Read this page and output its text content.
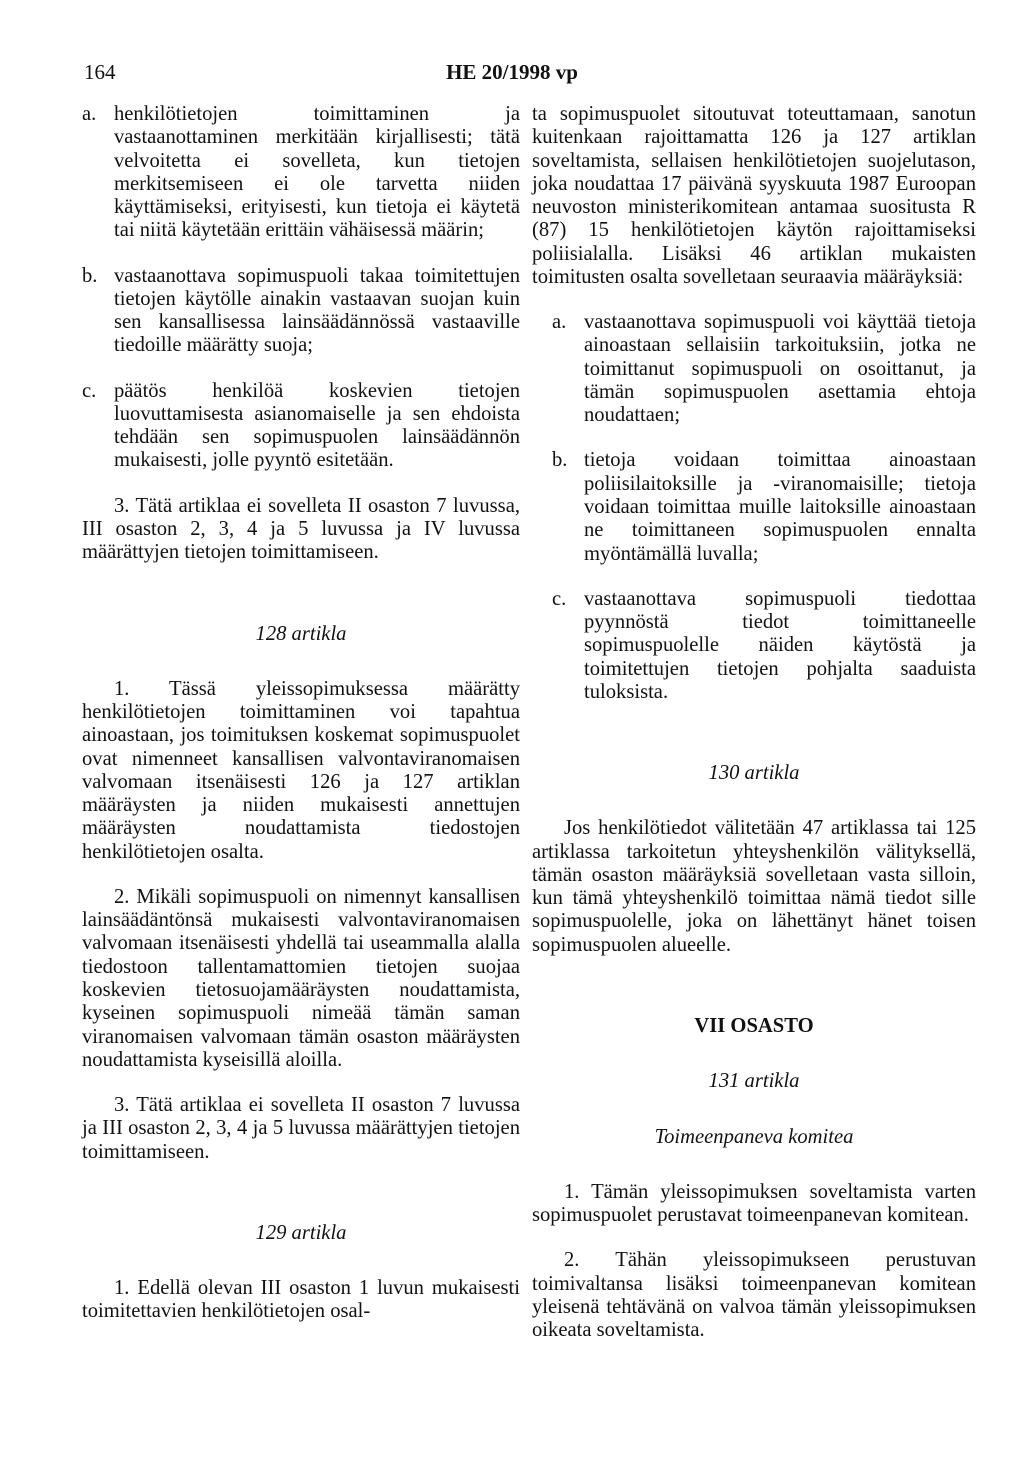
164	HE 20/1998 vp
a. henkilötietojen toimittaminen ja vastaanottaminen merkitään kirjallisesti; tätä velvoitetta ei sovelleta, kun tietojen merkitsemiseen ei ole tarvetta niiden käyttämiseksi, erityisesti, kun tietoja ei käytetä tai niitä käytetään erittäin vähäisessä määrin;
b. vastaanottava sopimuspuoli takaa toimitettujen tietojen käytölle ainakin vastaavan suojan kuin sen kansallisessa lainsäädännössä vastaaville tiedoille määrätty suoja;
c. päätös henkilöä koskevien tietojen luovuttamisesta asianomaiselle ja sen ehdoista tehdään sen sopimuspuolen lainsäädännön mukaisesti, jolle pyyntö esitetään.

3. Tätä artiklaa ei sovelleta II osaston 7 luvussa, III osaston 2, 3, 4 ja 5 luvussa ja IV luvussa määrättyjen tietojen toimittamiseen.

128 artikla

1. Tässä yleissopimuksessa määrätty henkilötietojen toimittaminen voi tapahtua ainoastaan, jos toimituksen koskemat sopimuspuolet ovat nimenneet kansallisen valvontaviranomaisen valvomaan itsenäisesti 126 ja 127 artiklan määräysten ja niiden mukaisesti annettujen määräysten noudattamista tiedostojen henkilötietojen osalta.

2. Mikäli sopimuspuoli on nimennyt kansallisen lainsäädäntönsä mukaisesti valvontaviranomaisen valvomaan itsenäisesti yhdellä tai useammalla alalla tiedostoon tallentamattomien tietojen suojaa koskevien tietosuojamääräysten noudattamista, kyseinen sopimuspuoli nimeää tämän saman viranomaisen valvomaan tämän osaston määräysten noudattamista kyseisillä aloilla.

3. Tätä artiklaa ei sovelleta II osaston 7 luvussa ja III osaston 2, 3, 4 ja 5 luvussa määrättyjen tietojen toimittamiseen.

129 artikla

1. Edellä olevan III osaston 1 luvun mukaisesti toimitettavien henkilötietojen osal-

ta sopimuspuolet sitoutuvat toteuttamaan, sanotun kuitenkaan rajoittamatta 126 ja 127 artiklan soveltamista, sellaisen henkilötietojen suojelutason, joka noudattaa 17 päivänä syyskuuta 1987 Euroopan neuvoston ministerikomitean antamaa suositusta R (87) 15 henkilötietojen käytön rajoittamiseksi poliisialalla. Lisäksi 46 artiklan mukaisten toimitusten osalta sovelletaan seuraavia määräyksiä:

a. vastaanottava sopimuspuoli voi käyttää tietoja ainoastaan sellaisiin tarkoituksiin, jotka ne toimittanut sopimuspuoli on osoittanut, ja tämän sopimuspuolen asettamia ehtoja noudattaen;
b. tietoja voidaan toimittaa ainoastaan poliisilaitoksille ja -viranomaisille; tietoja voidaan toimittaa muille laitoksille ainoastaan ne toimittaneen sopimuspuolen ennalta myöntämällä luvalla;
c. vastaanottava sopimuspuoli tiedottaa pyynnöstä tiedot toimittaneelle sopimuspuolelle näiden käytöstä ja toimitettujen tietojen pohjalta saaduista tuloksista.

130 artikla

Jos henkilötiedot välitetään 47 artiklassa tai 125 artiklassa tarkoitetun yhteyshenkilön välityksellä, tämän osaston määräyksiä sovelletaan vasta silloin, kun tämä yhteyshenkilö toimittaa nämä tiedot sille sopimuspuolelle, joka on lähettänyt hänet toisen sopimuspuolen alueelle.

VII OSASTO

131 artikla

Toimeenpaneva komitea

1. Tämän yleissopimuksen soveltamista varten sopimuspuolet perustavat toimeenpanevan komitean.

2. Tähän yleissopimukseen perustuvan toimivaltansa lisäksi toimeenpanevan komitean yleisenä tehtävänä on valvoa tämän yleissopimuksen oikeata soveltamista.
